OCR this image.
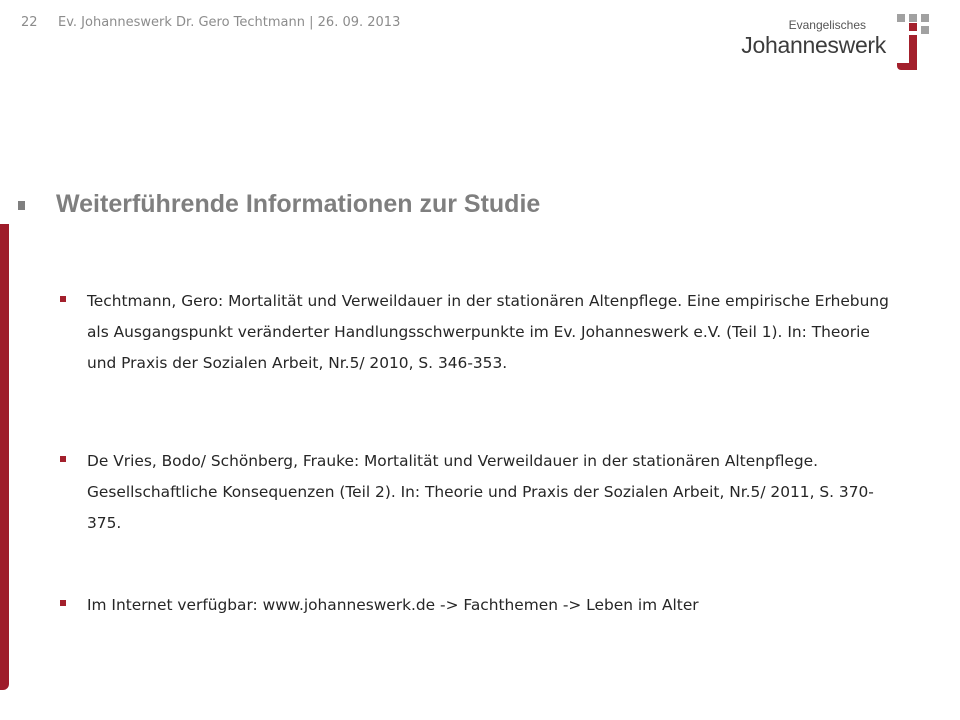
22 Ev. Johanneswerk Dr. Gero Techtmann | 26. 09. 2013	Evangelisches
Johanneswerk
Weiterführende Informationen zur Studie
Techtmann, Gero: Mortalität und Verweildauer in der stationären Altenpflege. Eine empirische Erhebung als Ausgangspunkt veränderter Handlungsschwerpunkte im Ev. Johanneswerk e.V. (Teil 1). In: Theorie und Praxis der Sozialen Arbeit, Nr.5/ 2010, S. 346-353.
De Vries, Bodo/ Schönberg, Frauke: Mortalität und Verweildauer in der stationären Altenpflege. Gesellschaftliche Konsequenzen (Teil 2). In: Theorie und Praxis der Sozialen Arbeit, Nr.5/ 2011, S. 370-375.
Im Internet verfügbar: www.johanneswerk.de -> Fachthemen -> Leben im Alter
